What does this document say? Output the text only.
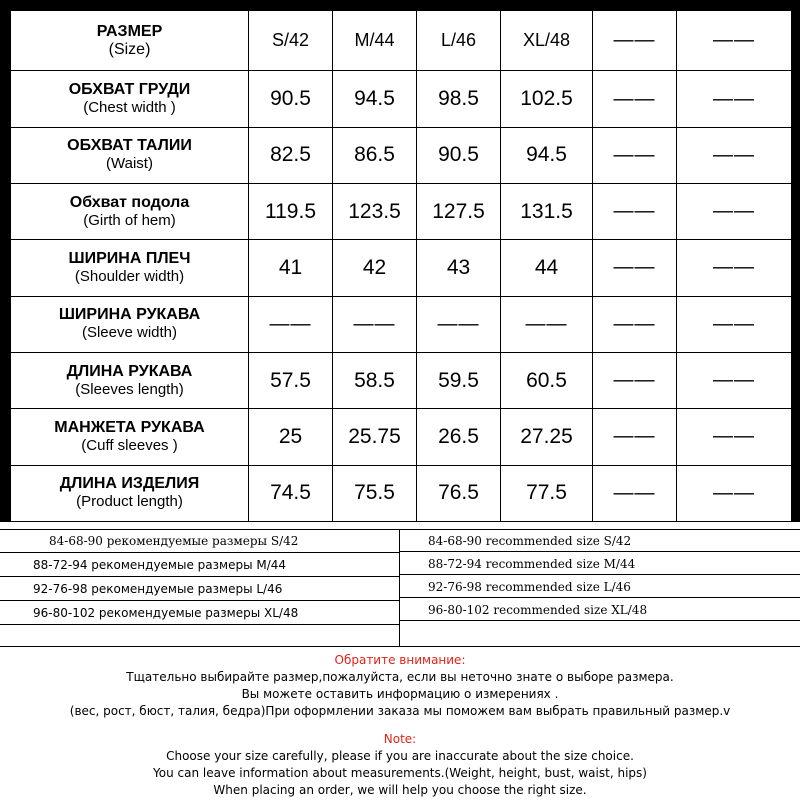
РАЗМЕР
(Size)	S/42	M/44	L/46	XL/48	——	——

ОБХВАТ ГРУДИ
(Chest width )	90.5	94.5	98.5	102.5	——	——

ОБХВАТ ТАЛИИ
(Waist)	82.5	86.5	90.5	94.5	——	——

Обхват подола
(Girth of hem)	119.5	123.5	127.5	131.5	——	——

ШИРИНА ПЛЕЧ
(Shoulder width)	41	42	43	44	——	——

ШИРИНА РУКАВА
(Sleeve width)	——	——	——	——	——	——

ДЛИНА РУКАВА
(Sleeves length)	57.5	58.5	59.5	60.5	——	——

МАНЖЕТА РУКАВА
(Cuff sleeves )	25	25.75	26.5	27.25	——	——

ДЛИНА ИЗДЕЛИЯ
(Product length)	74.5	75.5	76.5	77.5	——	——
84-68-90 рекомендуемые размеры S/42
88-72-94 рекомендуемые размеры M/44
92-76-98 рекомендуемые размеры L/46
96-80-102 рекомендуемые размеры XL/48
84-68-90 recommended size S/42
88-72-94 recommended size M/44
92-76-98 recommended size L/46
96-80-102 recommended size XL/48
Обратите внимание:
Тщательно выбирайте размер,пожалуйста, если вы неточно знате о выборе размера.
Вы можете оставить информацию о измерениях .
(вес, рост, бюст, талия, бедра)При оформлении заказа мы поможем вам выбрать правильный размер.v
Note:
Choose your size carefully, please if you are inaccurate about the size choice.
You can leave information about measurements.(Weight, height, bust, waist, hips)
When placing an order, we will help you choose the right size.
